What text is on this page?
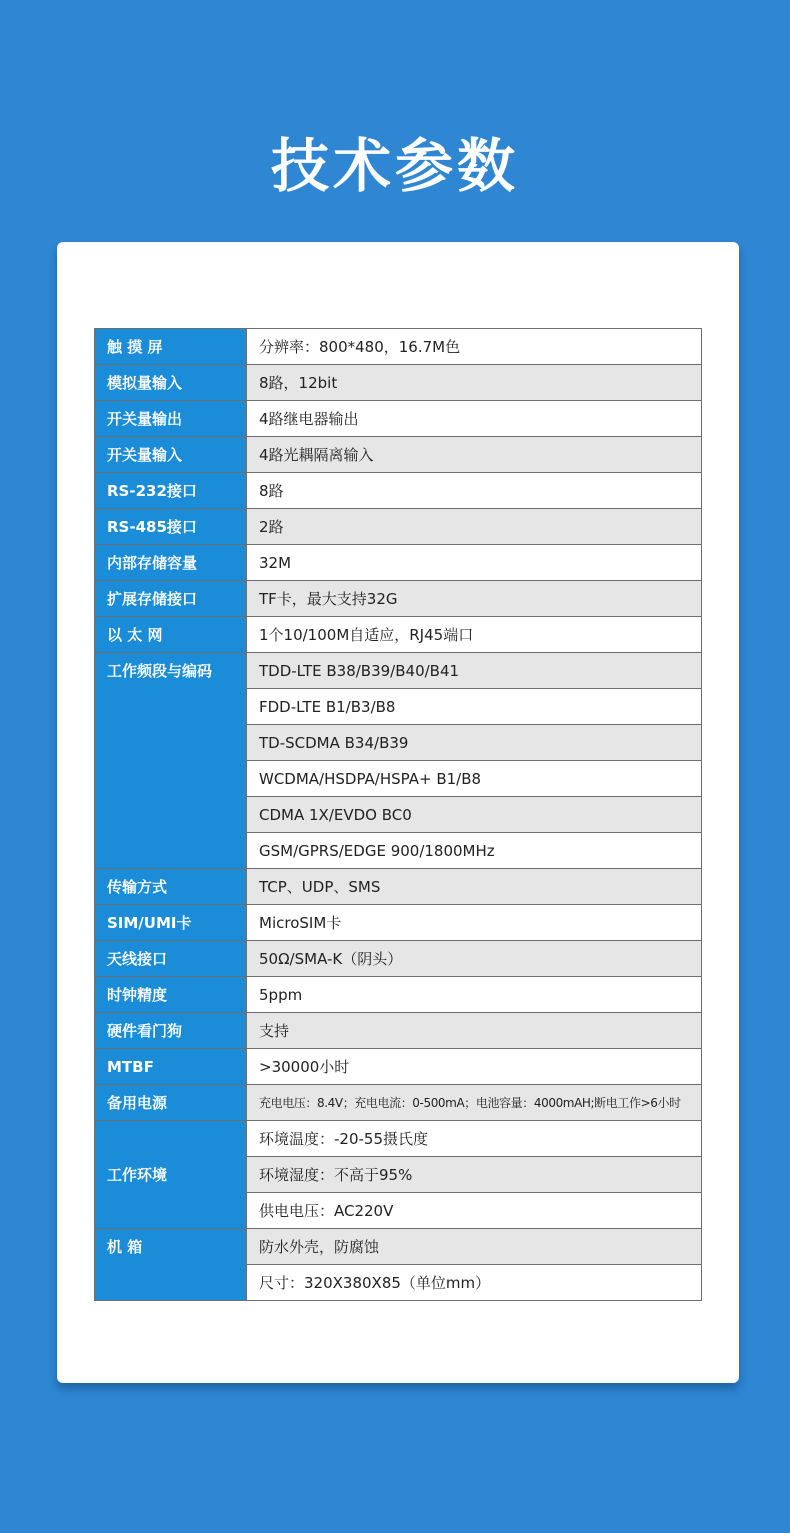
技术参数
触 摸 屏	分辨率：800*480，16.7M色
模拟量输入	8路，12bit
开关量输出	4路继电器输出
开关量输入	4路光耦隔离输入
RS-232接口	8路
RS-485接口	2路
内部存储容量	32M
扩展存储接口	TF卡，最大支持32G
以 太 网	1个10/100M自适应，RJ45端口
工作频段与编码	TDD-LTE B38/B39/B40/B41
	FDD-LTE B1/B3/B8
	TD-SCDMA B34/B39
	WCDMA/HSDPA/HSPA+ B1/B8
	CDMA 1X/EVDO BC0
	GSM/GPRS/EDGE 900/1800MHz
传输方式	TCP、UDP、SMS
SIM/UMI卡	MicroSIM卡
天线接口	50Ω/SMA-K（阴头）
时钟精度	5ppm
硬件看门狗	支持
MTBF	>30000小时
备用电源	充电电压：8.4V；充电电流：0-500mA；电池容量：4000mAH;断电工作>6小时
工作环境	环境温度：-20-55摄氏度
	环境湿度：不高于95%
	供电电压：AC220V
机 箱	防水外壳，防腐蚀
	尺寸：320X380X85（单位mm）
